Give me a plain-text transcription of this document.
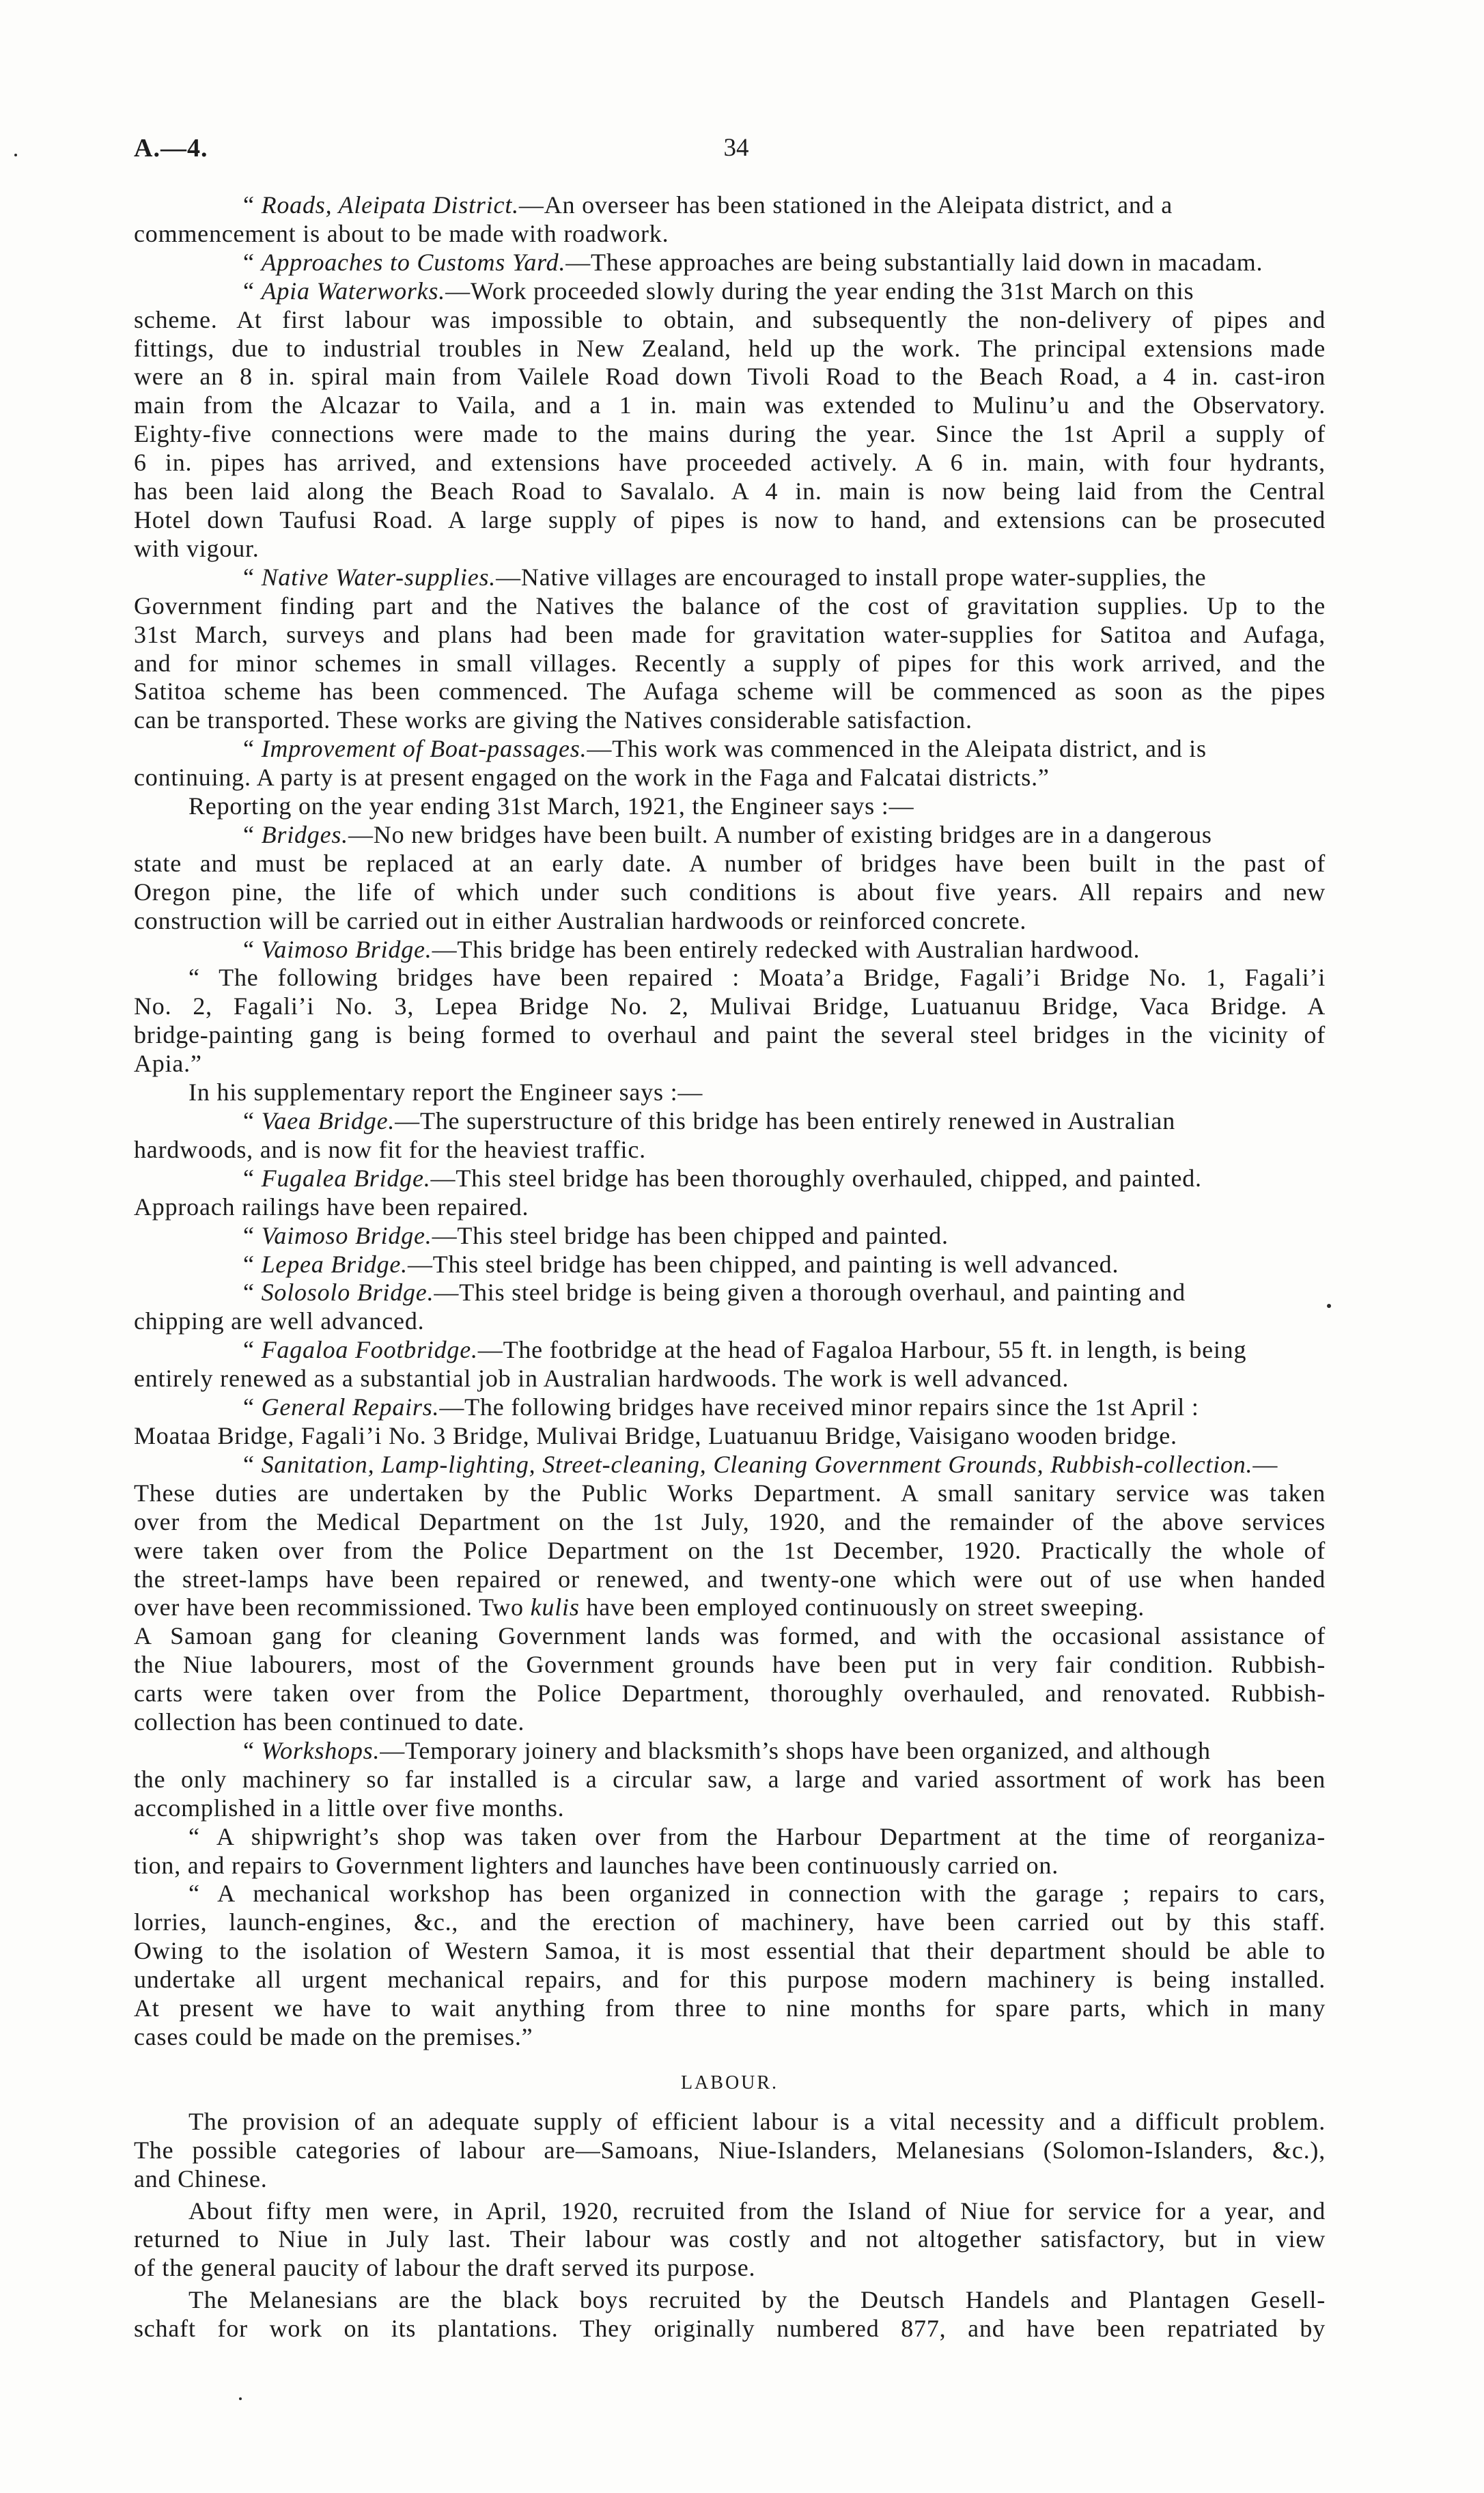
A.—4.	34
“ Roads, Aleipata District.—An overseer has been stationed in the Aleipata district, and a
commencement is about to be made with roadwork.
“ Approaches to Customs Yard.—These approaches are being substantially laid down in macadam.
“ Apia Waterworks.—Work proceeded slowly during the year ending the 31st March on this
scheme. At first labour was impossible to obtain, and subsequently the non-delivery of pipes and
fittings, due to industrial troubles in New Zealand, held up the work. The principal extensions made
were an 8 in. spiral main from Vailele Road down Tivoli Road to the Beach Road, a 4 in. cast-iron
main from the Alcazar to Vaila, and a 1 in. main was extended to Mulinu’u and the Observatory.
Eighty-five connections were made to the mains during the year. Since the 1st April a supply of
6 in. pipes has arrived, and extensions have proceeded actively. A 6 in. main, with four hydrants,
has been laid along the Beach Road to Savalalo. A 4 in. main is now being laid from the Central
Hotel down Taufusi Road. A large supply of pipes is now to hand, and extensions can be prosecuted
with vigour.
“ Native Water-supplies.—Native villages are encouraged to install prope water-supplies, the
Government finding part and the Natives the balance of the cost of gravitation supplies. Up to the
31st March, surveys and plans had been made for gravitation water-supplies for Satitoa and Aufaga,
and for minor schemes in small villages. Recently a supply of pipes for this work arrived, and the
Satitoa scheme has been commenced. The Aufaga scheme will be commenced as soon as the pipes
can be transported. These works are giving the Natives considerable satisfaction.
“ Improvement of Boat-passages.—This work was commenced in the Aleipata district, and is
continuing. A party is at present engaged on the work in the Faga and Falcatai districts.”
Reporting on the year ending 31st March, 1921, the Engineer says :—
“ Bridges.—No new bridges have been built. A number of existing bridges are in a dangerous
state and must be replaced at an early date. A number of bridges have been built in the past of
Oregon pine, the life of which under such conditions is about five years. All repairs and new
construction will be carried out in either Australian hardwoods or reinforced concrete.
“ Vaimoso Bridge.—This bridge has been entirely redecked with Australian hardwood.
“ The following bridges have been repaired : Moata’a Bridge, Fagali’i Bridge No. 1, Fagali’i
No. 2, Fagali’i No. 3, Lepea Bridge No. 2, Mulivai Bridge, Luatuanuu Bridge, Vaca Bridge. A
bridge-painting gang is being formed to overhaul and paint the several steel bridges in the vicinity of
Apia.”
In his supplementary report the Engineer says :—
“ Vaea Bridge.—The superstructure of this bridge has been entirely renewed in Australian
hardwoods, and is now fit for the heaviest traffic.
“ Fugalea Bridge.—This steel bridge has been thoroughly overhauled, chipped, and painted.
Approach railings have been repaired.
“ Vaimoso Bridge.—This steel bridge has been chipped and painted.
“ Lepea Bridge.—This steel bridge has been chipped, and painting is well advanced.
“ Solosolo Bridge.—This steel bridge is being given a thorough overhaul, and painting and
chipping are well advanced.
“ Fagaloa Footbridge.—The footbridge at the head of Fagaloa Harbour, 55 ft. in length, is being
entirely renewed as a substantial job in Australian hardwoods. The work is well advanced.
“ General Repairs.—The following bridges have received minor repairs since the 1st April :
Moataa Bridge, Fagali’i No. 3 Bridge, Mulivai Bridge, Luatuanuu Bridge, Vaisigano wooden bridge.
“ Sanitation, Lamp-lighting, Street-cleaning, Cleaning Government Grounds, Rubbish-collection.—
These duties are undertaken by the Public Works Department. A small sanitary service was taken
over from the Medical Department on the 1st July, 1920, and the remainder of the above services
were taken over from the Police Department on the 1st December, 1920. Practically the whole of
the street-lamps have been repaired or renewed, and twenty-one which were out of use when handed
over have been recommissioned. Two kulis have been employed continuously on street sweeping.
A Samoan gang for cleaning Government lands was formed, and with the occasional assistance of
the Niue labourers, most of the Government grounds have been put in very fair condition. Rubbish-
carts were taken over from the Police Department, thoroughly overhauled, and renovated. Rubbish-
collection has been continued to date.
“ Workshops.—Temporary joinery and blacksmith’s shops have been organized, and although
the only machinery so far installed is a circular saw, a large and varied assortment of work has been
accomplished in a little over five months.
“ A shipwright’s shop was taken over from the Harbour Department at the time of reorganiza-
tion, and repairs to Government lighters and launches have been continuously carried on.
“ A mechanical workshop has been organized in connection with the garage ; repairs to cars,
lorries, launch-engines, &c., and the erection of machinery, have been carried out by this staff.
Owing to the isolation of Western Samoa, it is most essential that their department should be able to
undertake all urgent mechanical repairs, and for this purpose modern machinery is being installed.
At present we have to wait anything from three to nine months for spare parts, which in many
cases could be made on the premises.”
LABOUR.
The provision of an adequate supply of efficient labour is a vital necessity and a difficult problem.
The possible categories of labour are—Samoans, Niue-Islanders, Melanesians (Solomon-Islanders, &c.),
and Chinese.
About fifty men were, in April, 1920, recruited from the Island of Niue for service for a year, and
returned to Niue in July last. Their labour was costly and not altogether satisfactory, but in view
of the general paucity of labour the draft served its purpose.
The Melanesians are the black boys recruited by the Deutsch Handels and Plantagen Gesell-
schaft for work on its plantations. They originally numbered 877, and have been repatriated by
